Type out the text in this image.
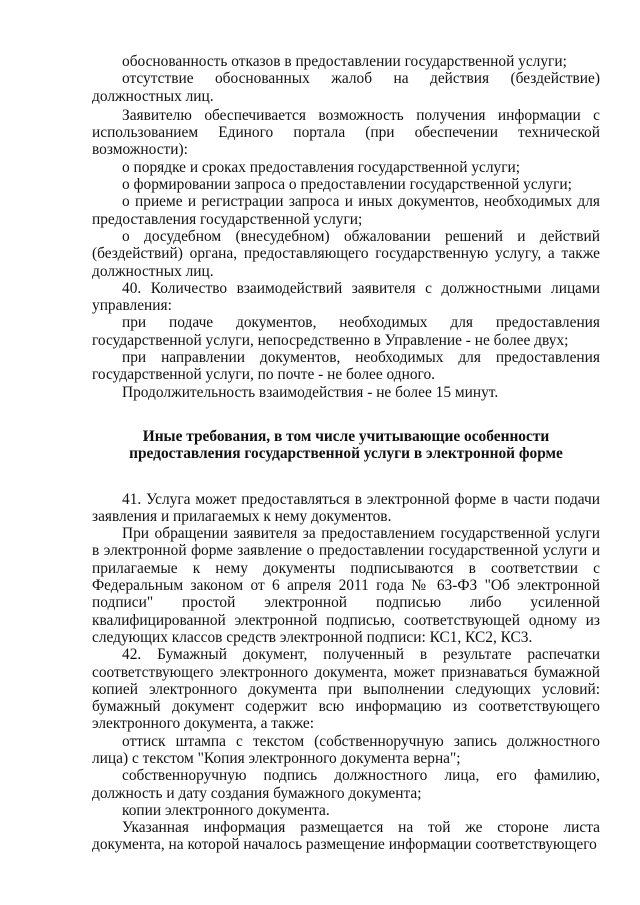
обоснованность отказов в предоставлении государственной услуги;

отсутствие обоснованных жалоб на действия (бездействие) должностных лиц.

Заявителю обеспечивается возможность получения информации с использованием Единого портала (при обеспечении технической возможности):

о порядке и сроках предоставления государственной услуги;

о формировании запроса о предоставлении государственной услуги;

о приеме и регистрации запроса и иных документов, необходимых для предоставления государственной услуги;

о досудебном (внесудебном) обжаловании решений и действий (бездействий) органа, предоставляющего государственную услугу, а также должностных лиц.

40. Количество взаимодействий заявителя с должностными лицами управления:

при подаче документов, необходимых для предоставления государственной услуги, непосредственно в Управление - не более двух;

при направлении документов, необходимых для предоставления государственной услуги, по почте - не более одного.

Продолжительность взаимодействия - не более 15 минут.

Иные требования, в том числе учитывающие особенности
предоставления государственной услуги в электронной форме

41. Услуга может предоставляться в электронной форме в части подачи заявления и прилагаемых к нему документов.

При обращении заявителя за предоставлением государственной услуги в электронной форме заявление о предоставлении государственной услуги и прилагаемые к нему документы подписываются в соответствии с Федеральным законом от 6 апреля 2011 года № 63-ФЗ "Об электронной подписи" простой электронной подписью либо усиленной квалифицированной электронной подписью, соответствующей одному из следующих классов средств электронной подписи: КС1, КС2, КС3.

42. Бумажный документ, полученный в результате распечатки соответствующего электронного документа, может признаваться бумажной копией электронного документа при выполнении следующих условий: бумажный документ содержит всю информацию из соответствующего электронного документа, а также:

оттиск штампа с текстом (собственноручную запись должностного лица) с текстом "Копия электронного документа верна";

собственноручную подпись должностного лица, его фамилию, должность и дату создания бумажного документа;

копии электронного документа.

Указанная информация размещается на той же стороне листа документа, на которой началось размещение информации соответствующего
